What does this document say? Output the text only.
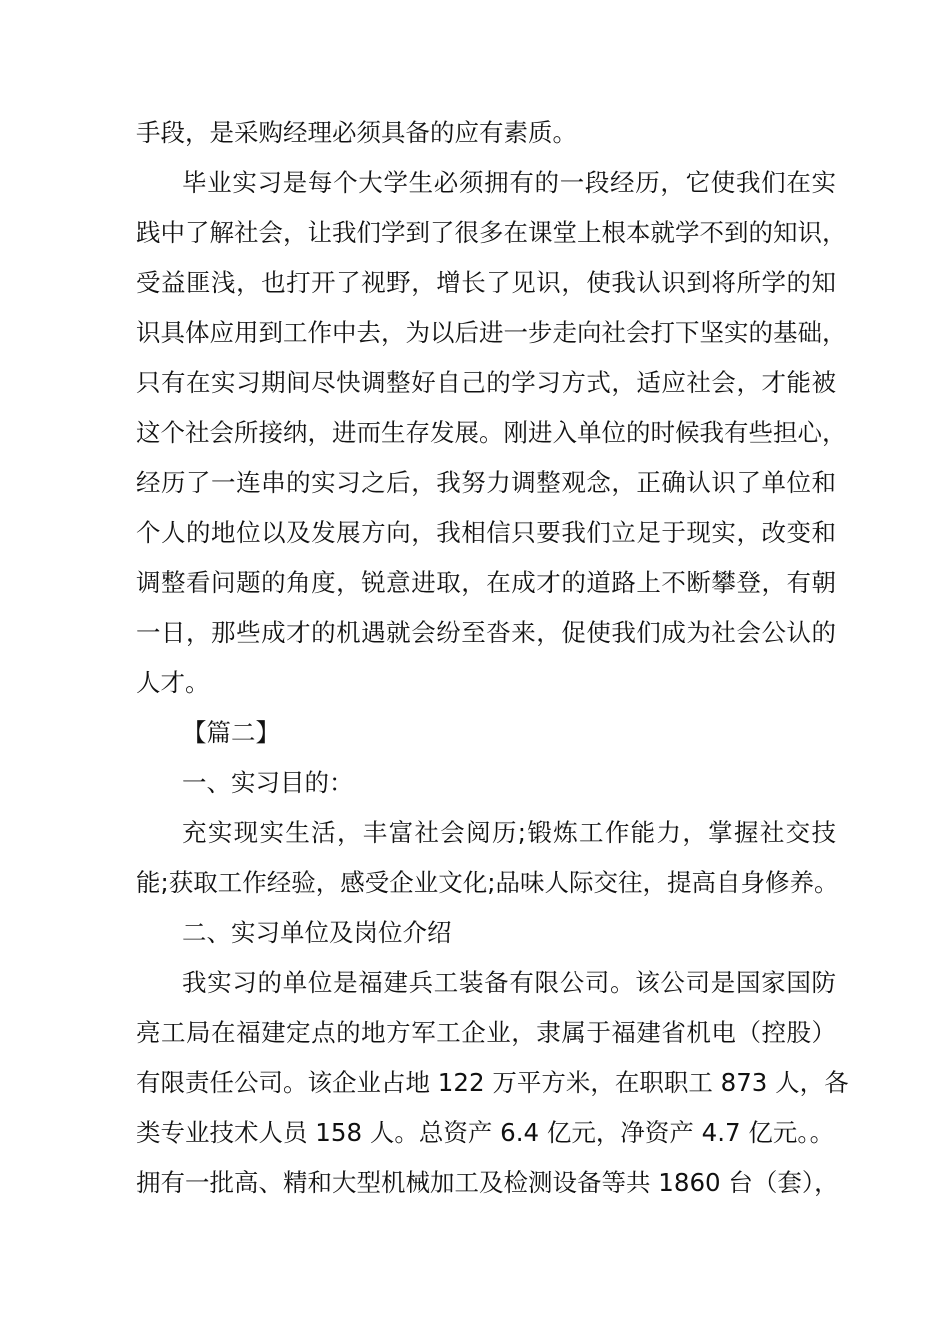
手段，是采购经理必须具备的应有素质。
毕业实习是每个大学生必须拥有的一段经历，它使我们在实
践中了解社会，让我们学到了很多在课堂上根本就学不到的知识，
受益匪浅，也打开了视野，增长了见识，使我认识到将所学的知
识具体应用到工作中去，为以后进一步走向社会打下坚实的基础，
只有在实习期间尽快调整好自己的学习方式，适应社会，才能被
这个社会所接纳，进而生存发展。刚进入单位的时候我有些担心，
经历了一连串的实习之后，我努力调整观念，正确认识了单位和
个人的地位以及发展方向，我相信只要我们立足于现实，改变和
调整看问题的角度，锐意进取，在成才的道路上不断攀登，有朝
一日，那些成才的机遇就会纷至沓来，促使我们成为社会公认的
人才。
【篇二】
一、实习目的：
充实现实生活，丰富社会阅历;锻炼工作能力，掌握社交技
能;获取工作经验，感受企业文化;品味人际交往，提高自身修养。
二、实习单位及岗位介绍
我实习的单位是福建兵工装备有限公司。该公司是国家国防
亮工局在福建定点的地方军工企业，隶属于福建省机电（控股）
有限责任公司。该企业占地 122 万平方米，在职职工 873 人，各
类专业技术人员 158 人。总资产 6.4 亿元，净资产 4.7 亿元。。
拥有一批高、精和大型机械加工及检测设备等共 1860 台（套），
